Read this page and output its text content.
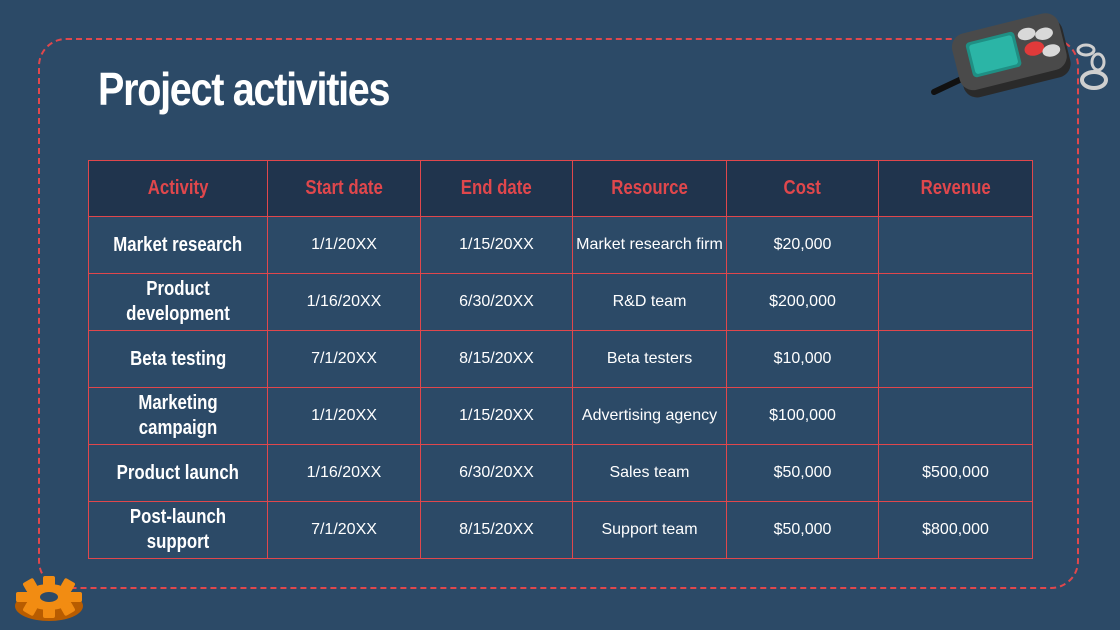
Project activities
Activity	Start date	End date	Resource	Cost	Revenue
Market research	1/1/20XX	1/15/20XX	Market research firm	$20,000	
Product development	1/16/20XX	6/30/20XX	R&D team	$200,000	
Beta testing	7/1/20XX	8/15/20XX	Beta testers	$10,000	
Marketing campaign	1/1/20XX	1/15/20XX	Advertising agency	$100,000	
Product launch	1/16/20XX	6/30/20XX	Sales team	$50,000	$500,000
Post-launch support	7/1/20XX	8/15/20XX	Support team	$50,000	$800,000
